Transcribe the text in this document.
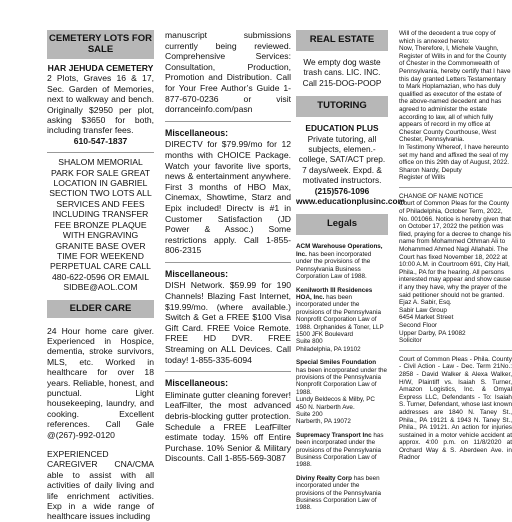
CEMETERY LOTS FOR SALE
HAR JEHUDA CEMETERY
2 Plots, Graves 16 & 17, Sec. Garden of Memories, next to walkway and bench. Originally $2950 per plot, asking $3650 for both, including transfer fees.
610-547-1837
SHALOM MEMORIAL PARK FOR SALE GREAT LOCATION IN GABRIEL SECTION TWO LOTS ALL SERVICES AND FEES INCLUDING TRANSFER FEE BRONZE PLAQUE WITH ENGRAVING GRANITE BASE OVER TIME FOR WEEKEND PERPETUAL CARE CALL 480-622-0596 OR EMAIL SIDBE@AOL.COM
ELDER CARE
24 Hour home care giver. Experienced in Hospice, dementia, stroke survivors, MLS, etc. Worked in healthcare for over 18 years. Reliable, honest, and punctual. Light housekeeping, laundry, and cooking. Excellent references. Call Gale @(267)-992-0120
EXPERIENCED CAREGIVER CNA/CMA able to assist with all activities of daily living and life enrichment activities. Exp in a wide range of healthcare issues including
manuscript submissions currently being reviewed. Comprehensive Services: Consultation, Production, Promotion and Distribution. Call for Your Free Author’s Guide 1-877-670-0236 or visit dorranceinfo.com/pasn
Miscellaneous:
DIRECTV for $79.99/mo for 12 months with CHOICE Package. Watch your favorite live sports, news & entertainment anywhere. First 3 months of HBO Max, Cinemax, Showtime, Starz and Epix included! Directv is #1 in Customer Satisfaction (JD Power & Assoc.) Some restrictions apply. Call 1-855-806-2315
Miscellaneous:
DISH Network. $59.99 for 190 Channels! Blazing Fast Internet, $19.99/mo. (where available.) Switch & Get a FREE $100 Visa Gift Card. FREE Voice Remote. FREE HD DVR. FREE Streaming on ALL Devices. Call today! 1-855-335-6094
Miscellaneous:
Eliminate gutter cleaning forever! LeafFilter, the most advanced debris-blocking gutter protection. Schedule a FREE LeafFilter estimate today. 15% off Entire Purchase. 10% Senior & Military Discounts. Call 1-855-569-3087
REAL ESTATE
We empty dog waste trash cans. LIC. INC. Call 215-DOG-POOP
TUTORING
EDUCATION PLUS
Private tutoring, all subjects, elemen.-college, SAT/ACT prep. 7 days/week. Expd. & motivated instructors.
(215)576-1096
www.educationplusinc.com
Legals
ACM Warehouse Operations, Inc. has been incorporated under the provisions of the Pennsylvania Business Corporation Law of 1988.
Kenilworth III Residences HOA, Inc. has been incorporated under the provisions of the Pennsylvania Nonprofit Corporation Law of 1988. Orphanides & Toner, LLP
1500 JFK Boulevard
Suite 800
Philadelphia, PA 19102
Special Smiles Foundation has been incorporated under the provisions of the Pennsylvania Nonprofit Corporation Law of 1988.
Lundy Beldecos & Milby, PC
450 N. Narberth Ave.
Suite 200
Narberth, PA 19072
Supremacy Transport Inc has been incorporated under the provisions of the Pennsylvania Business Corporation Law of 1988.
Diviny Realty Corp has been incorporated under the provisions of the Pennsylvania Business Corporation Law of 1988.
Will of the decedent a true copy of which is annexed hereto:
Now, Therefore, I, Michele Vaughn, Register of Wills in and for the County of Chester in the Commonwealth of Pennsylvania, hereby certify that I have this day granted Letters Testamentary to Mark Hoplamazian, who has duly qualified as executor of the estate of the above-named decedent and has agreed to administer the estate according to law, all of which fully appears of record in my office at Chester County Courthouse, West Chester, Pennsylvania.
In Testimony Whereof, I have hereunto set my hand and affixed the seal of my office on this 29th day of August, 2022.
Sharon Nardy, Deputy
Register of Wills
CHANGE OF NAME NOTICE
Court of Common Pleas for the County of Philadelphia, October Term, 2022, No. 001066. Notice is hereby given that on October 17, 2022 the petition was filed, praying for a decree to change his name from Mohammed Othman Ali to Mohammed Ahmed Nagi Allahabi. The Court has fixed November 18, 2022 at 10:00 A.M. in Courtroom 691, City Hall, Phila., PA for the hearing. All persons interested may appear and show cause if any they have, why the prayer of the said petitioner should not be granted.
Ejaz A. Sabir, Esq.
Sabir Law Group
6454 Market Street
Second Floor
Upper Darby, PA 19082
Solicitor
Court of Common Pleas - Phila. County - Civil Action - Law - Dec. Term 21No.: 2858 - David Walker & Alexa Walker, H/W, Plaintiff vs. Isaiah S. Turner, Amazon Logistics, Inc. & Omyal Express LLC, Defendants - To: Isaiah S. Turner, Defendant, whose last known addresses are 1840 N. Taney St., Phila., PA 19121 & 1943 N. Taney St., Phila., PA 19121. An action for injuries sustained in a motor vehicle accident at approx. 4:00 p.m. on 11/8/2020 at Orchard Way & S. Aberdeen Ave. in Radnor
